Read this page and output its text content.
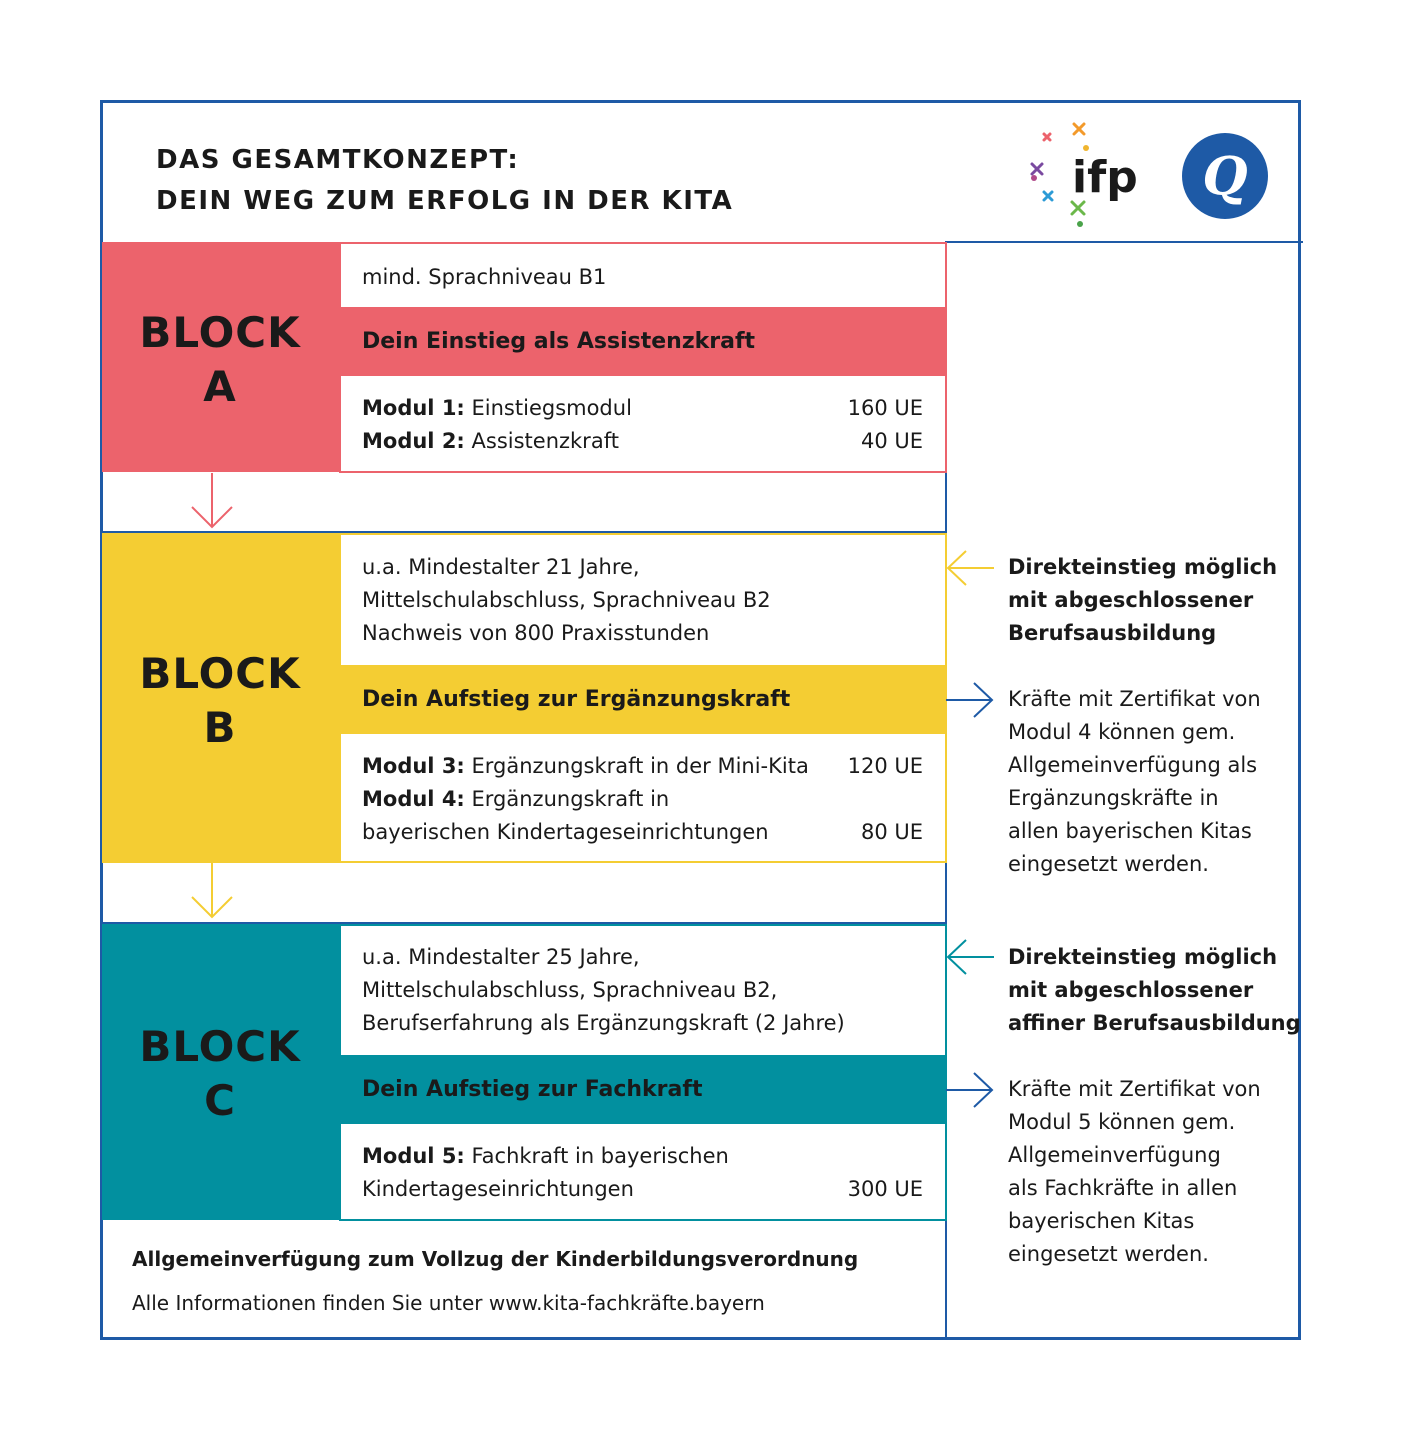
DAS GESAMTKONZEPT:
DEIN WEG ZUM ERFOLG IN DER KITA	ifp Q
BLOCK
A
mind. Sprachniveau B1
Dein Einstieg als Assistenzkraft
Modul 1: Einstiegsmodul	160 UE
Modul 2: Assistenzkraft	40 UE
BLOCK
B
u.a. Mindestalter 21 Jahre,
Mittelschulabschluss, Sprachniveau B2
Nachweis von 800 Praxisstunden
Dein Aufstieg zur Ergänzungskraft
Modul 3: Ergänzungskraft in der Mini-Kita	120 UE
Modul 4: Ergänzungskraft in
bayerischen Kindertageseinrichtungen	80 UE
BLOCK
C
u.a. Mindestalter 25 Jahre,
Mittelschulabschluss, Sprachniveau B2,
Berufserfahrung als Ergänzungskraft (2 Jahre)
Dein Aufstieg zur Fachkraft
Modul 5: Fachkraft in bayerischen
Kindertageseinrichtungen	300 UE
Direkteinstieg möglich
mit abgeschlossener
Berufsausbildung
Kräfte mit Zertifikat von
Modul 4 können gem.
Allgemeinverfügung als
Ergänzungskräfte in
allen bayerischen Kitas
eingesetzt werden.
Direkteinstieg möglich
mit abgeschlossener
affiner Berufsausbildung
Kräfte mit Zertifikat von
Modul 5 können gem.
Allgemeinverfügung
als Fachkräfte in allen
bayerischen Kitas
eingesetzt werden.
Allgemeinverfügung zum Vollzug der Kinderbildungsverordnung
Alle Informationen finden Sie unter www.kita-fachkräfte.bayern
